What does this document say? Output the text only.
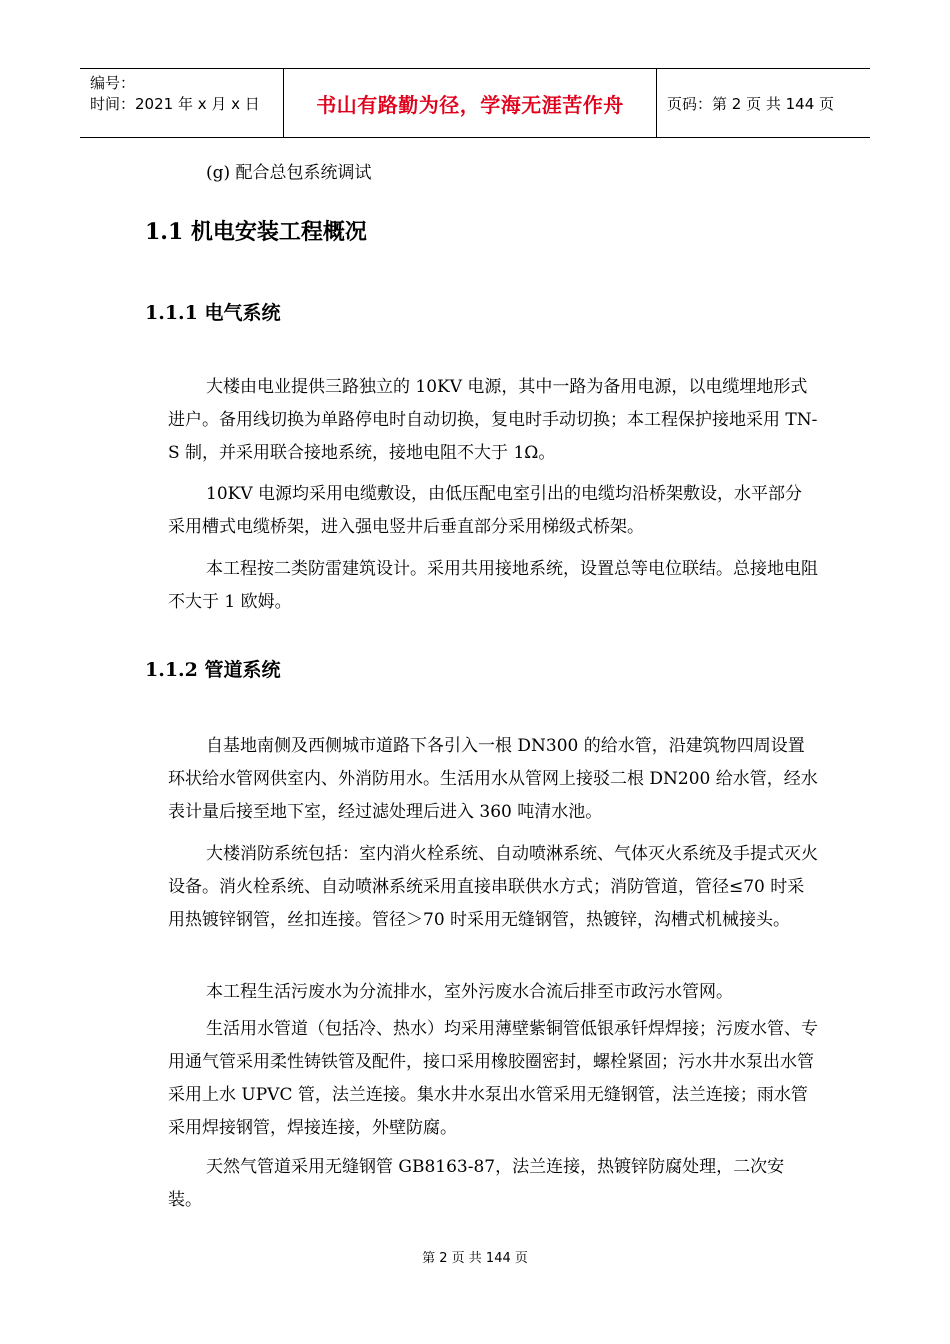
编号：
时间：2021 年 x 月 x 日	书山有路勤为径，学海无涯苦作舟	页码：第 2 页 共 144 页
(g) 配合总包系统调试
1.1 机电安装工程概况
1.1.1 电气系统

大楼由电业提供三路独立的 10KV 电源，其中一路为备用电源，以电缆埋地形式进户。备用线切换为单路停电时自动切换，复电时手动切换；本工程保护接地采用 TN-S 制，并采用联合接地系统，接地电阻不大于 1Ω。

10KV 电源均采用电缆敷设，由低压配电室引出的电缆均沿桥架敷设，水平部分采用槽式电缆桥架，进入强电竖井后垂直部分采用梯级式桥架。

本工程按二类防雷建筑设计。采用共用接地系统，设置总等电位联结。总接地电阻不大于 1 欧姆。

1.1.2 管道系统

自基地南侧及西侧城市道路下各引入一根 DN300 的给水管，沿建筑物四周设置环状给水管网供室内、外消防用水。生活用水从管网上接驳二根 DN200 给水管，经水表计量后接至地下室，经过滤处理后进入 360 吨清水池。

大楼消防系统包括：室内消火栓系统、自动喷淋系统、气体灭火系统及手提式灭火设备。消火栓系统、自动喷淋系统采用直接串联供水方式；消防管道，管径≤70 时采用热镀锌钢管，丝扣连接。管径＞70 时采用无缝钢管，热镀锌，沟槽式机械接头。

本工程生活污废水为分流排水，室外污废水合流后排至市政污水管网。

生活用水管道（包括冷、热水）均采用薄壁紫铜管低银承钎焊焊接；污废水管、专用通气管采用柔性铸铁管及配件，接口采用橡胶圈密封，螺栓紧固；污水井水泵出水管采用上水 UPVC 管，法兰连接。集水井水泵出水管采用无缝钢管，法兰连接；雨水管采用焊接钢管，焊接连接，外壁防腐。

天然气管道采用无缝钢管 GB8163-87，法兰连接，热镀锌防腐处理，二次安装。

第 2 页 共 144 页
